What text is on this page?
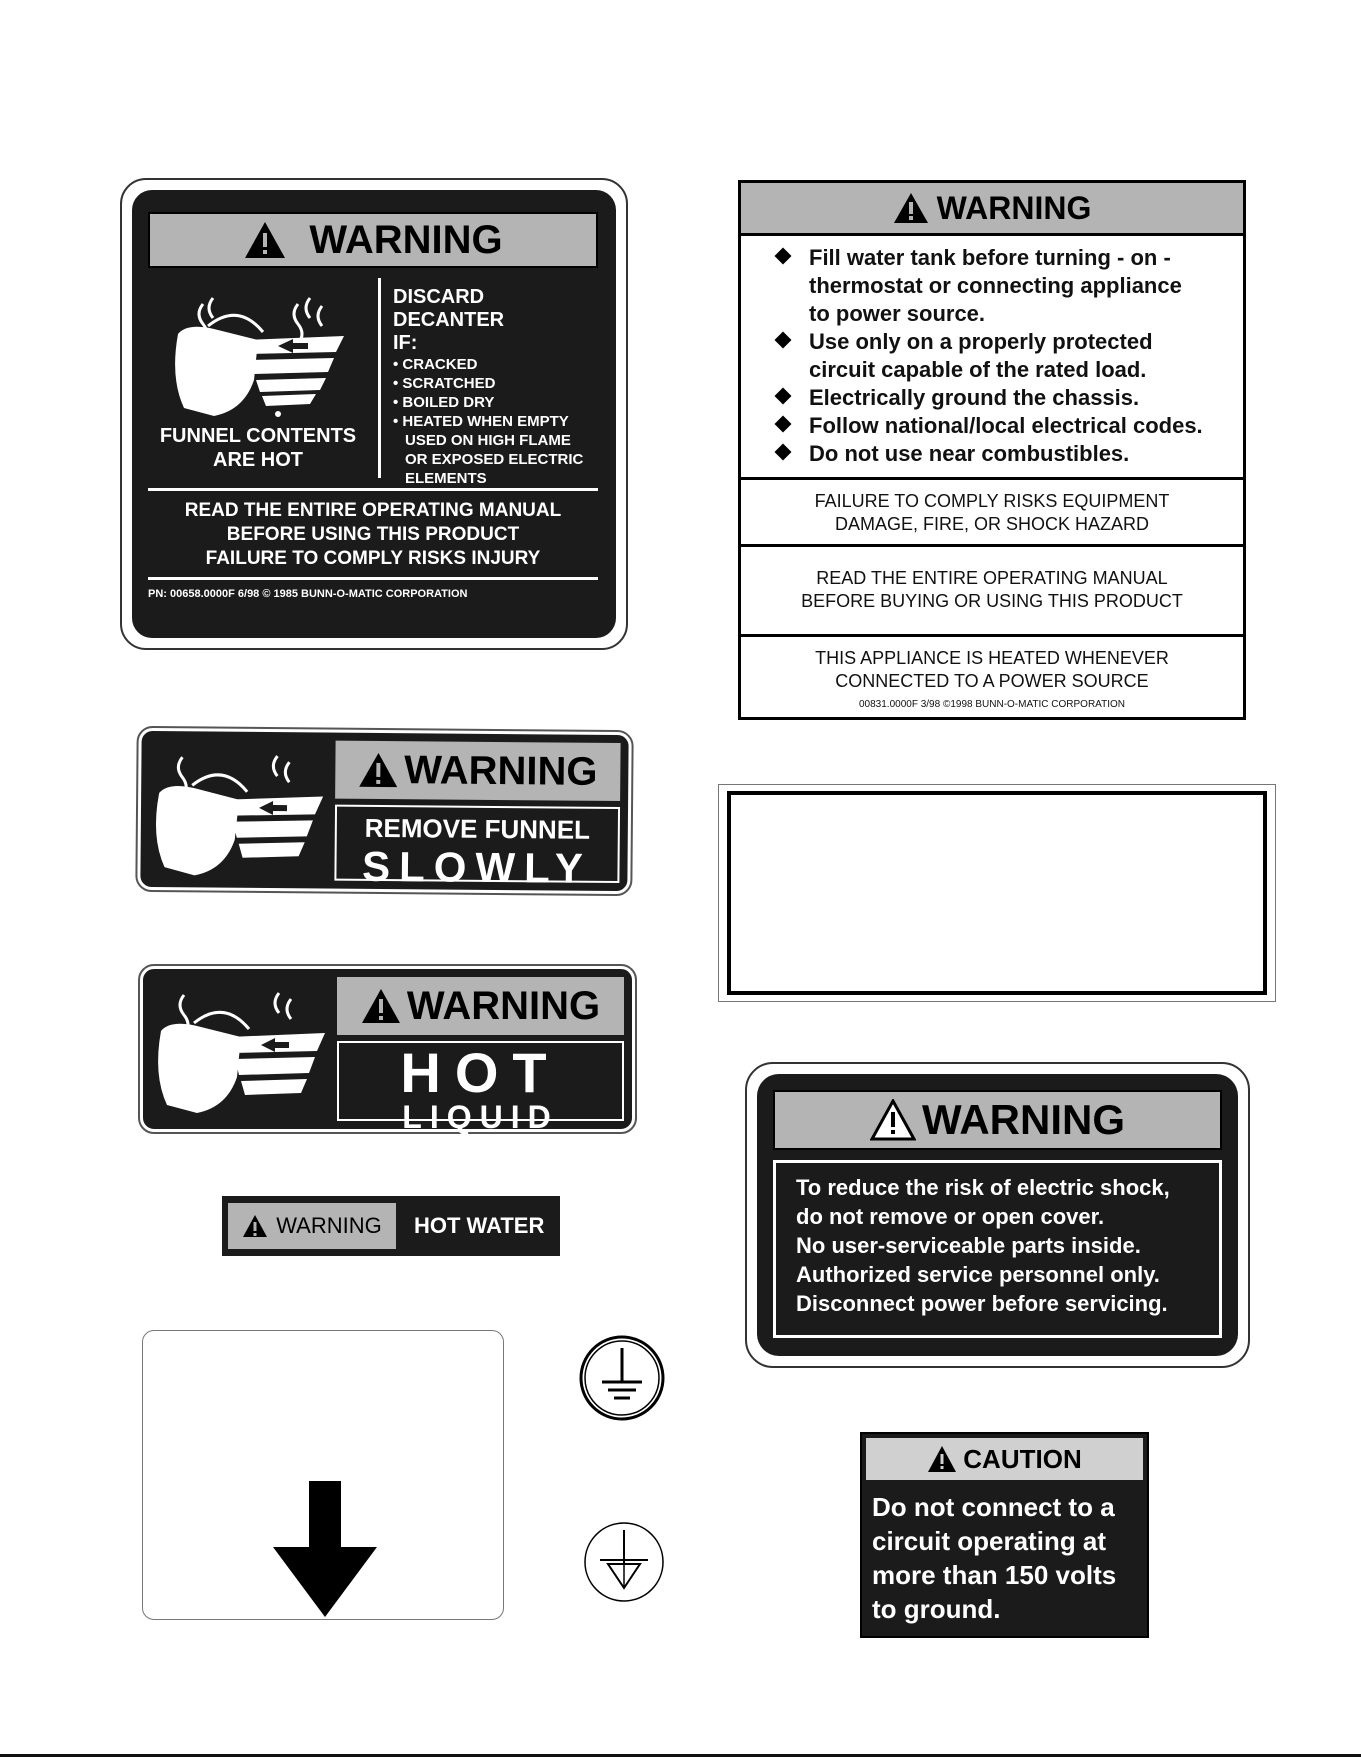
WARNING
FUNNEL CONTENTS
ARE HOT
DISCARD DECANTER
IF:
• CRACKED
• SCRATCHED
• BOILED DRY
• HEATED WHEN EMPTY
USED ON HIGH FLAME
OR EXPOSED ELECTRIC
ELEMENTS
READ THE ENTIRE OPERATING MANUAL
BEFORE USING THIS PRODUCT
FAILURE TO COMPLY RISKS INJURY
PN: 00658.0000F 6/98 © 1985 BUNN-O-MATIC CORPORATION
WARNING
Fill water tank before turning - on -
thermostat or connecting appliance
to power source.
Use only on a properly protected
circuit capable of the rated load.
Electrically ground the chassis.
Follow national/local electrical codes.
Do not use near combustibles.
FAILURE TO COMPLY RISKS EQUIPMENT
DAMAGE, FIRE, OR SHOCK HAZARD
READ THE ENTIRE OPERATING MANUAL
BEFORE BUYING OR USING THIS PRODUCT
THIS APPLIANCE IS HEATED WHENEVER
CONNECTED TO A POWER SOURCE
00831.0000F 3/98 ©1998 BUNN-O-MATIC CORPORATION
WARNING
REMOVE FUNNEL
SLOWLY
WARNING
HOT
LIQUID
WARNING HOT WATER
WARNING
To reduce the risk of electric shock,
do not remove or open cover.
No user-serviceable parts inside.
Authorized service personnel only.
Disconnect power before servicing.
CAUTION
Do not connect to a
circuit operating at
more than 150 volts
to ground.
